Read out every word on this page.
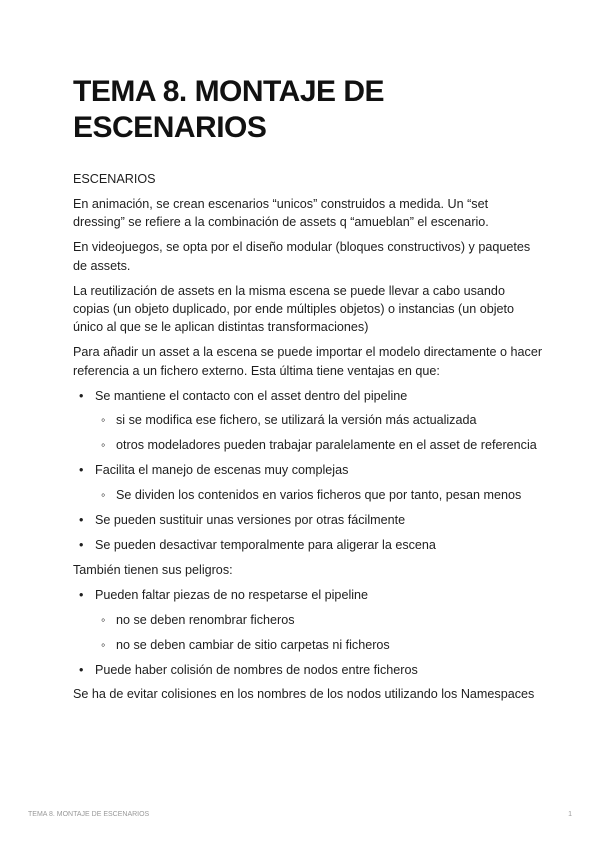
TEMA 8. MONTAJE DE ESCENARIOS

ESCENARIOS

En animación, se crean escenarios “unicos” construidos a medida. Un “set dressing” se refiere a la combinación de assets q “amueblan” el escenario.

En videojuegos, se opta por el diseño modular (bloques constructivos) y paquetes de assets.

La reutilización de assets en la misma escena se puede llevar a cabo usando copias (un objeto duplicado, por ende múltiples objetos) o instancias (un objeto único al que se le aplican distintas transformaciones)

Para añadir un asset a la escena se puede importar el modelo directamente o hacer referencia a un fichero externo. Esta última tiene ventajas en que:

• Se mantiene el contacto con el asset dentro del pipeline
◦ si se modifica ese fichero, se utilizará la versión más actualizada
◦ otros modeladores pueden trabajar paralelamente en el asset de referencia
• Facilita el manejo de escenas muy complejas
◦ Se dividen los contenidos en varios ficheros que por tanto, pesan menos
• Se pueden sustituir unas versiones por otras fácilmente
• Se pueden desactivar temporalmente para aligerar la escena

También tienen sus peligros:

• Pueden faltar piezas de no respetarse el pipeline
◦ no se deben renombrar ficheros
◦ no se deben cambiar de sitio carpetas ni ficheros
• Puede haber colisión de nombres de nodos entre ficheros

Se ha de evitar colisiones en los nombres de los nodos utilizando los Namespaces

TEMA 8. MONTAJE DE ESCENARIOS	1
